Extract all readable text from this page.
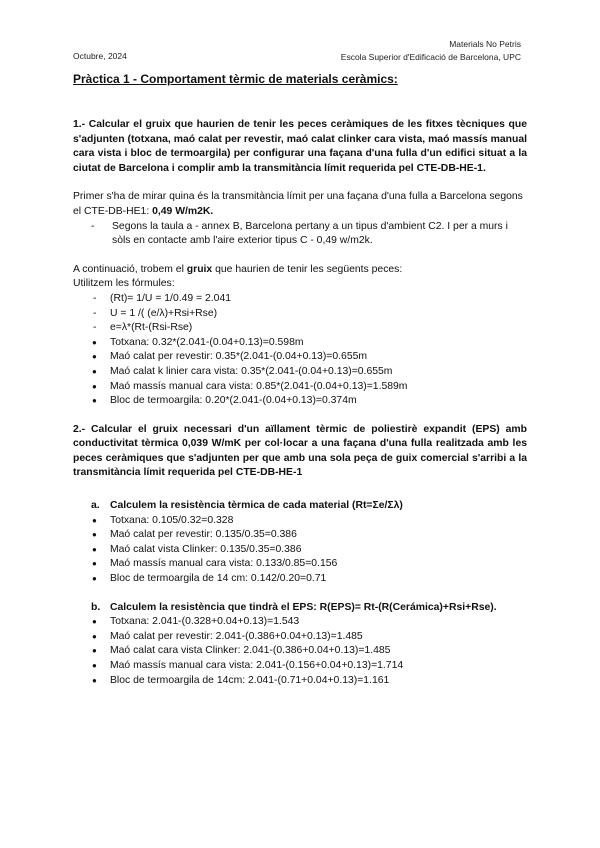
Materials No Petris
Escola Superior d'Edificació de Barcelona, UPC
Octubre, 2024
Pràctica 1 - Comportament tèrmic de materials ceràmics:

1.- Calcular el gruix que haurien de tenir les peces ceràmiques de les fitxes tècniques que s'adjunten (totxana, maó calat per revestir, maó calat clinker cara vista, maó massís manual cara vista i bloc de termoargila) per configurar una façana d'una fulla d'un edifici situat a la ciutat de Barcelona i complir amb la transmitància límit requerida pel CTE-DB-HE-1.

Primer s'ha de mirar quina és la transmitància límit per una façana d'una fulla a Barcelona segons el CTE-DB-HE1: 0,49 W/m2K.

-	Segons la taula a - annex B, Barcelona pertany a un tipus d'ambient C2. I per a murs i sòls en contacte amb l'aire exterior tipus C - 0,49 w/m2k.

A continuació, trobem el gruix que haurien de tenir les següents peces:

Utilitzem les fórmules:

-	(Rt)= 1/U = 1/0.49 = 2.041
-	U = 1 /( (e/λ)+Rsi+Rse)
-	e=λ*(Rt-(Rsi-Rse)
● Totxana: 0.32*(2.041-(0.04+0.13)=0.598m
● Maó calat per revestir: 0.35*(2.041-(0.04+0.13)=0.655m
● Maó calat k linier cara vista: 0.35*(2.041-(0.04+0.13)=0.655m
● Maó massís manual cara vista: 0.85*(2.041-(0.04+0.13)=1.589m
● Bloc de termoargila: 0.20*(2.041-(0.04+0.13)=0.374m

2.- Calcular el gruix necessari d'un aïllament tèrmic de poliestirè expandit (EPS) amb conductivitat tèrmica 0,039 W/mK per col·locar a una façana d'una fulla realitzada amb les peces ceràmiques que s'adjunten per que amb una sola peça de guix comercial s'arribi a la transmitància límit requerida pel CTE-DB-HE-1

a. Calculem la resistència tèrmica de cada material (Rt=Σe/Σλ)
● Totxana: 0.105/0.32=0.328
● Maó calat per revestir: 0.135/0.35=0.386
● Maó calat vista Clinker: 0.135/0.35=0.386
● Maó massís manual cara vista: 0.133/0.85=0.156
● Bloc de termoargila de 14 cm: 0.142/0.20=0.71
b. Calculem la resistència que tindrà el EPS: R(EPS)= Rt-(R(Cerámica)+Rsi+Rse).
● Totxana: 2.041-(0.328+0.04+0.13)=1.543
● Maó calat per revestir: 2.041-(0.386+0.04+0.13)=1.485
● Maó calat cara vista Clinker: 2.041-(0.386+0.04+0.13)=1.485
● Maó massís manual cara vista: 2.041-(0.156+0.04+0.13)=1.714
● Bloc de termoargila de 14cm: 2.041-(0.71+0.04+0.13)=1.161
